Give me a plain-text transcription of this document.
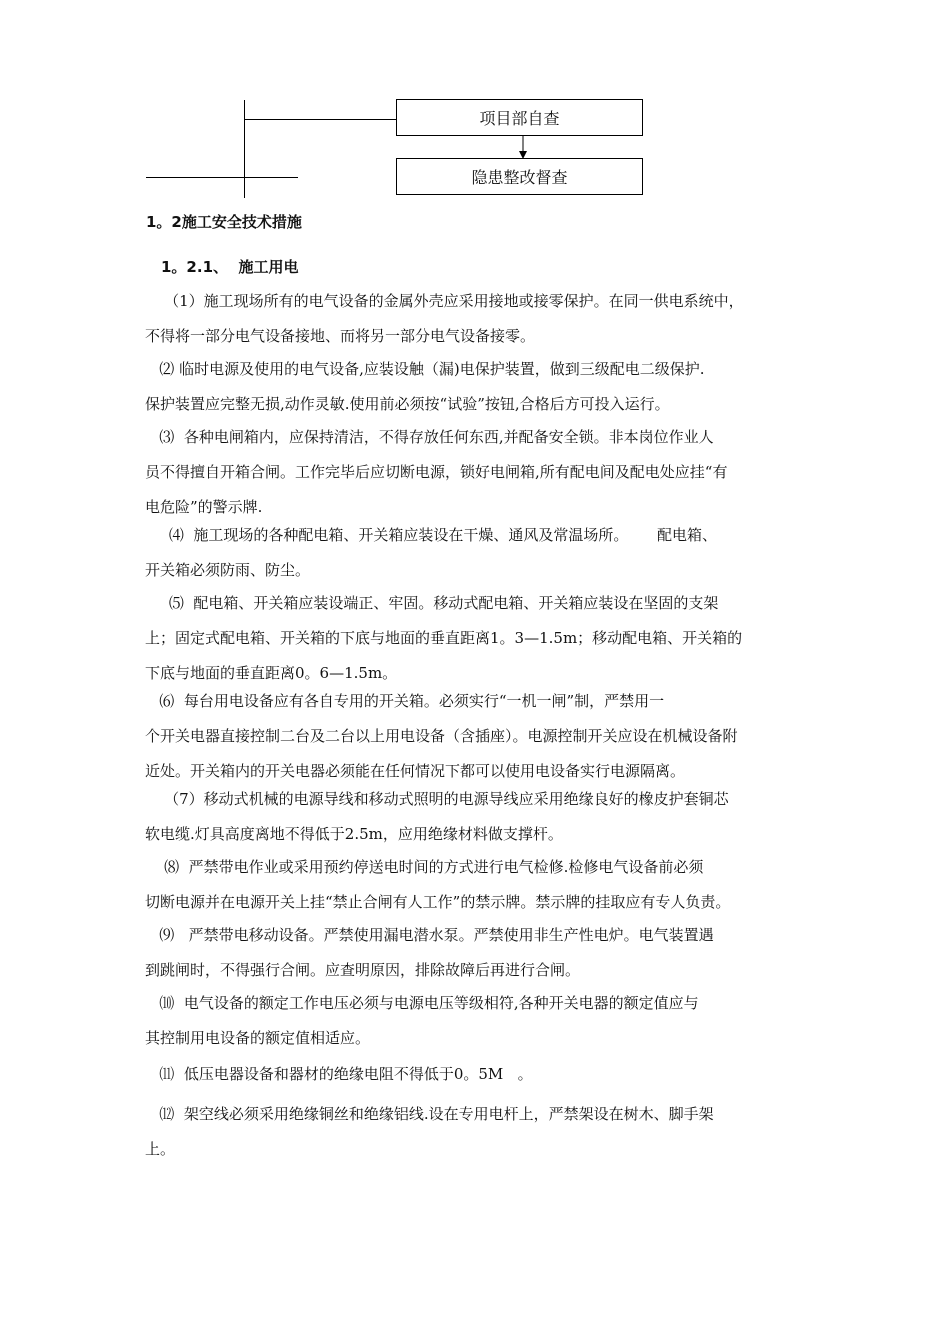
项目部自查
隐患整改督查
1。2施工安全技术措施
1。2.1、  施工用电
（1）施工现场所有的电气设备的金属外壳应采用接地或接零保护。在同一供电系统中，
不得将一部分电气设备接地、而将另一部分电气设备接零。
⑵ 临时电源及使用的电气设备,应装设触（漏)电保护装置，做到三级配电二级保护.
保护装置应完整无损,动作灵敏.使用前必须按“试验”按钮,合格后方可投入运行。
⑶  各种电闸箱内，应保持清洁，不得存放任何东西,并配备安全锁。非本岗位作业人
员不得擅自开箱合闸。工作完毕后应切断电源，锁好电闸箱,所有配电间及配电处应挂“有
电危险”的警示牌.
⑷  施工现场的各种配电箱、开关箱应装设在干燥、通风及常温场所。      配电箱、
开关箱必须防雨、防尘。
⑸  配电箱、开关箱应装设端正、牢固。移动式配电箱、开关箱应装设在坚固的支架
上；固定式配电箱、开关箱的下底与地面的垂直距离1。3—1.5m；移动配电箱、开关箱的
下底与地面的垂直距离0。6—1.5m。
⑹  每台用电设备应有各自专用的开关箱。必须实行“一机一闸”制，严禁用一
个开关电器直接控制二台及二台以上用电设备（含插座）。电源控制开关应设在机械设备附
近处。开关箱内的开关电器必须能在任何情况下都可以使用电设备实行电源隔离。
（7）移动式机械的电源导线和移动式照明的电源导线应采用绝缘良好的橡皮护套铜芯
软电缆.灯具高度离地不得低于2.5m，应用绝缘材料做支撑杆。
⑻  严禁带电作业或采用预约停送电时间的方式进行电气检修.检修电气设备前必须
切断电源并在电源开关上挂“禁止合闸有人工作”的禁示牌。禁示牌的挂取应有专人负责。
⑼   严禁带电移动设备。严禁使用漏电潜水泵。严禁使用非生产性电炉。电气装置遇
到跳闸时，不得强行合闸。应查明原因，排除故障后再进行合闸。
⑽  电气设备的额定工作电压必须与电源电压等级相符,各种开关电器的额定值应与
其控制用电设备的额定值相适应。
⑾  低压电器设备和器材的绝缘电阻不得低于0。5M   。
⑿  架空线必须采用绝缘铜丝和绝缘铝线.设在专用电杆上，严禁架设在树木、脚手架
上。
